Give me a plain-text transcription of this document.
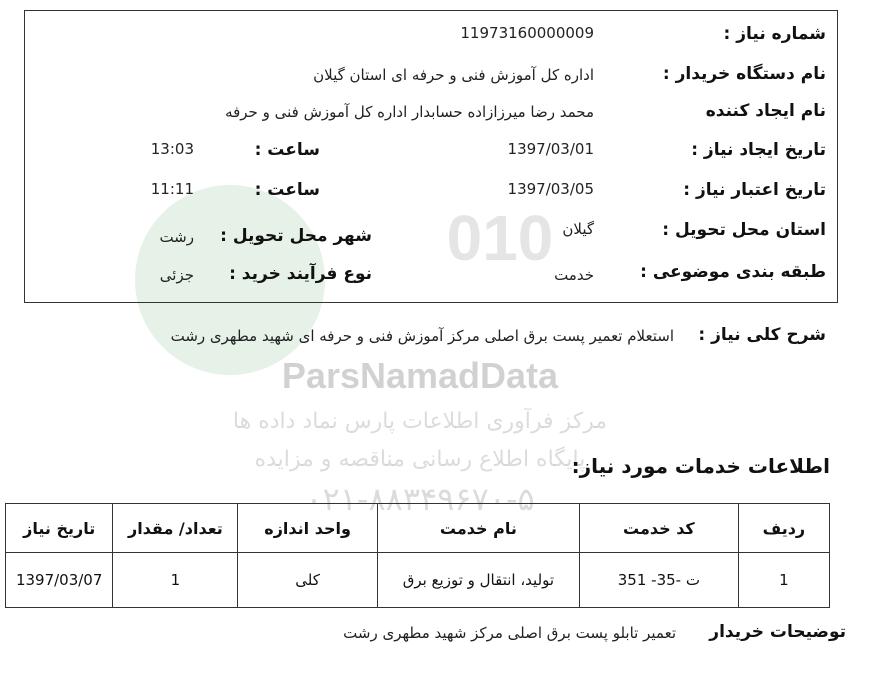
010
ParsNamadData
مرکز فرآوری اطلاعات پارس نماد داده ها
پایگاه اطلاع رسانی مناقصه و مزایده
۰۲۱-۸۸۳۴۹۶۷۰-۵
شماره نیاز :
11973160000009
نام دستگاه خریدار :
اداره کل آموزش فنی و حرفه ای استان گیلان
نام ایجاد کننده
محمد رضا میرزازاده حسابدار اداره کل آموزش فنی و حرفه
تاریخ ایجاد نیاز :
1397/03/01
ساعت :
13:03
تاریخ اعتبار نیاز :
1397/03/05
ساعت :
11:11
استان محل تحویل :
گیلان
شهر محل تحویل :
رشت
طبقه بندی موضوعی :
خدمت
نوع فرآیند خرید :
جزئی
شرح کلی نیاز :
استعلام تعمیر پست برق اصلی مرکز آموزش فنی و حرفه ای شهید مطهری رشت
اطلاعات خدمات مورد نیاز:
ردیف	کد خدمت	نام خدمت	واحد اندازه	تعداد/ مقدار	تاریخ نیاز
1	ت -35- 351	تولید، انتقال و توزیع برق	کلی	1	1397/03/07
توضیحات خریدار
تعمیر تابلو پست برق اصلی مرکز شهید مطهری رشت
